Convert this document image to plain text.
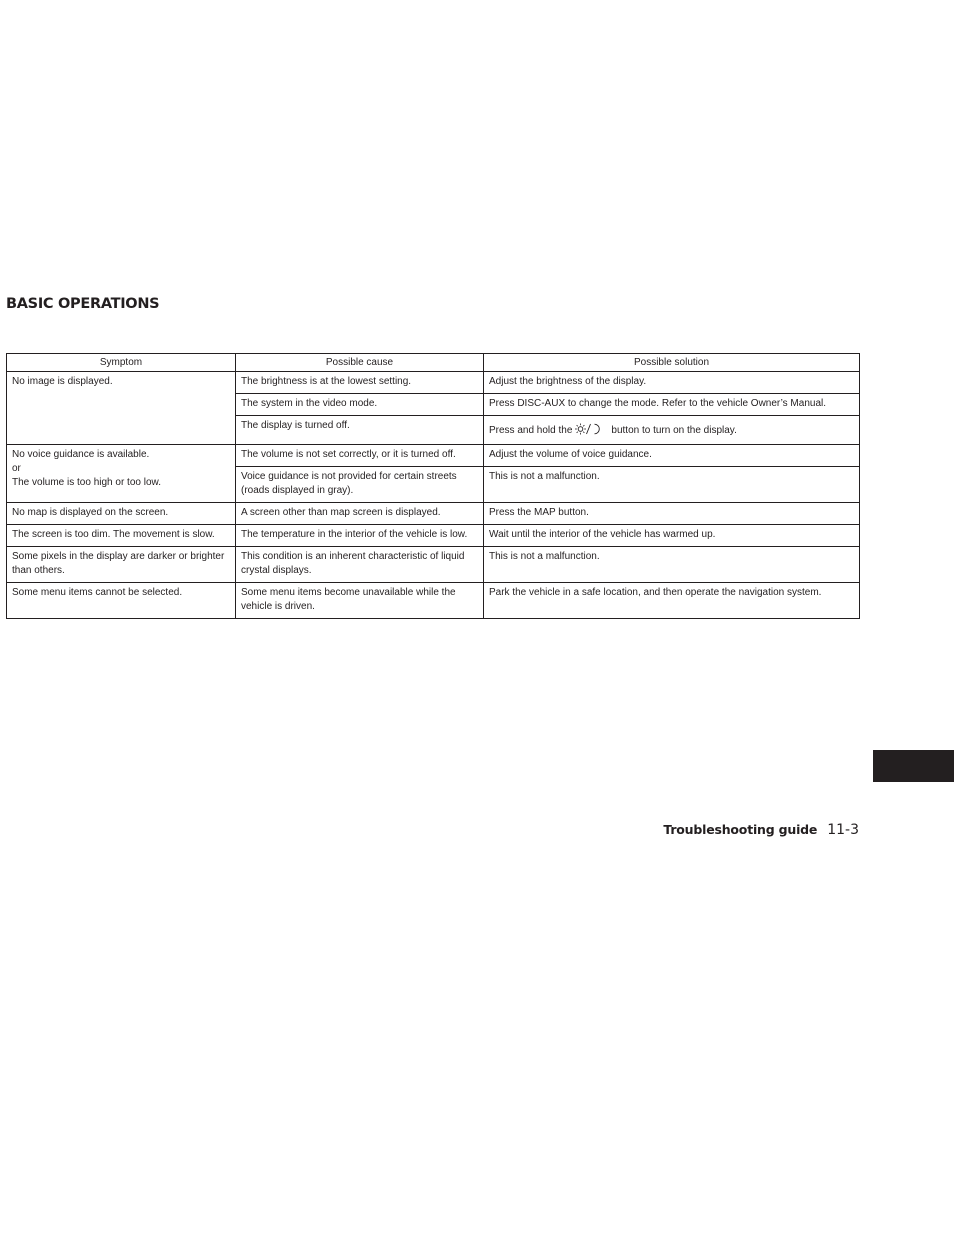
BASIC OPERATIONS
Symptom	Possible cause	Possible solution

No image is displayed.	The brightness is at the lowest setting.	Adjust the brightness of the display.
	The system in the video mode.	Press DISC-AUX to change the mode. Refer to the vehicle Owner’s Manual.
	The display is turned off.	Press and hold the button to turn on the display.

No voice guidance is available.
or
The volume is too high or too low.	The volume is not set correctly, or it is turned off.	Adjust the volume of voice guidance.
	Voice guidance is not provided for certain streets (roads displayed in gray).	This is not a malfunction.
No map is displayed on the screen.	A screen other than map screen is displayed.	Press the MAP button.
The screen is too dim. The movement is slow.	The temperature in the interior of the vehicle is low.	Wait until the interior of the vehicle has warmed up.
Some pixels in the display are darker or brighter than others.	This condition is an inherent characteristic of liquid crystal displays.	This is not a malfunction.
Some menu items cannot be selected.	Some menu items become unavailable while the vehicle is driven.	Park the vehicle in a safe location, and then operate the navigation system.
Troubleshooting guide 11-3
